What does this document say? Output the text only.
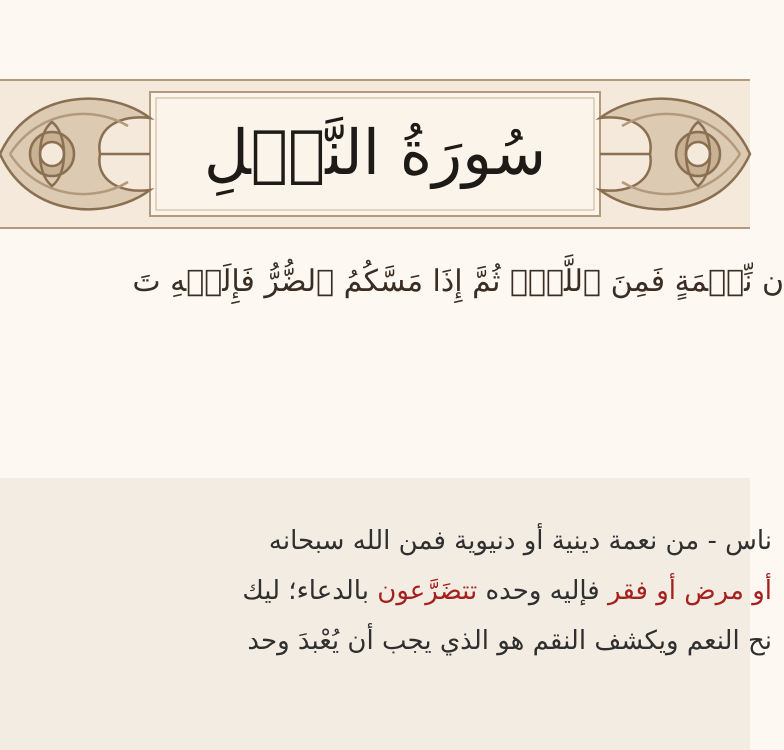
سُورَةُ النَّحۡلِ
ن نِّعۡمَةٍ فَمِنَ ٱللَّهِۖ ثُمَّ إِذَا مَسَّكُمُ ٱلضُّرُّ فَإِلَيۡهِ تَ
ناس - من نعمة دينية أو دنيوية فمن الله سبحانه
أو مرض أو فقر فإليه وحده تتضَرَّعون بالدعاء؛ ليك
نح النعم ويكشف النقم هو الذي يجب أن يُعْبدَ وحد
